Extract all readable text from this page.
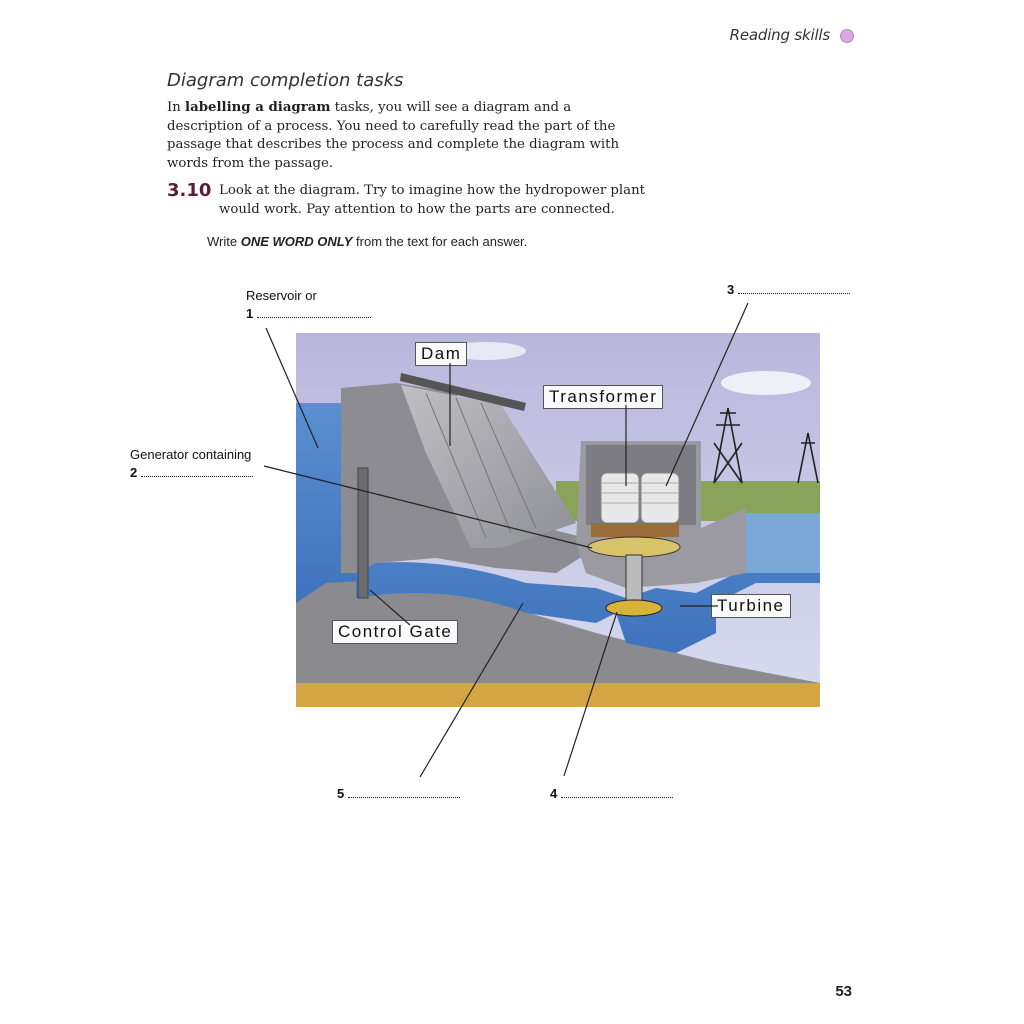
Reading skills
Diagram completion tasks
In labelling a diagram tasks, you will see a diagram and a description of a process. You need to carefully read the part of the passage that describes the process and complete the diagram with words from the passage.
3.10 Look at the diagram. Try to imagine how the hydropower plant would work. Pay attention to how the parts are connected.
Write ONE WORD ONLY from the text for each answer.
Reservoir or
1
Generator containing
2
3
4
5
Dam
Transformer
Turbine
Control Gate
53
